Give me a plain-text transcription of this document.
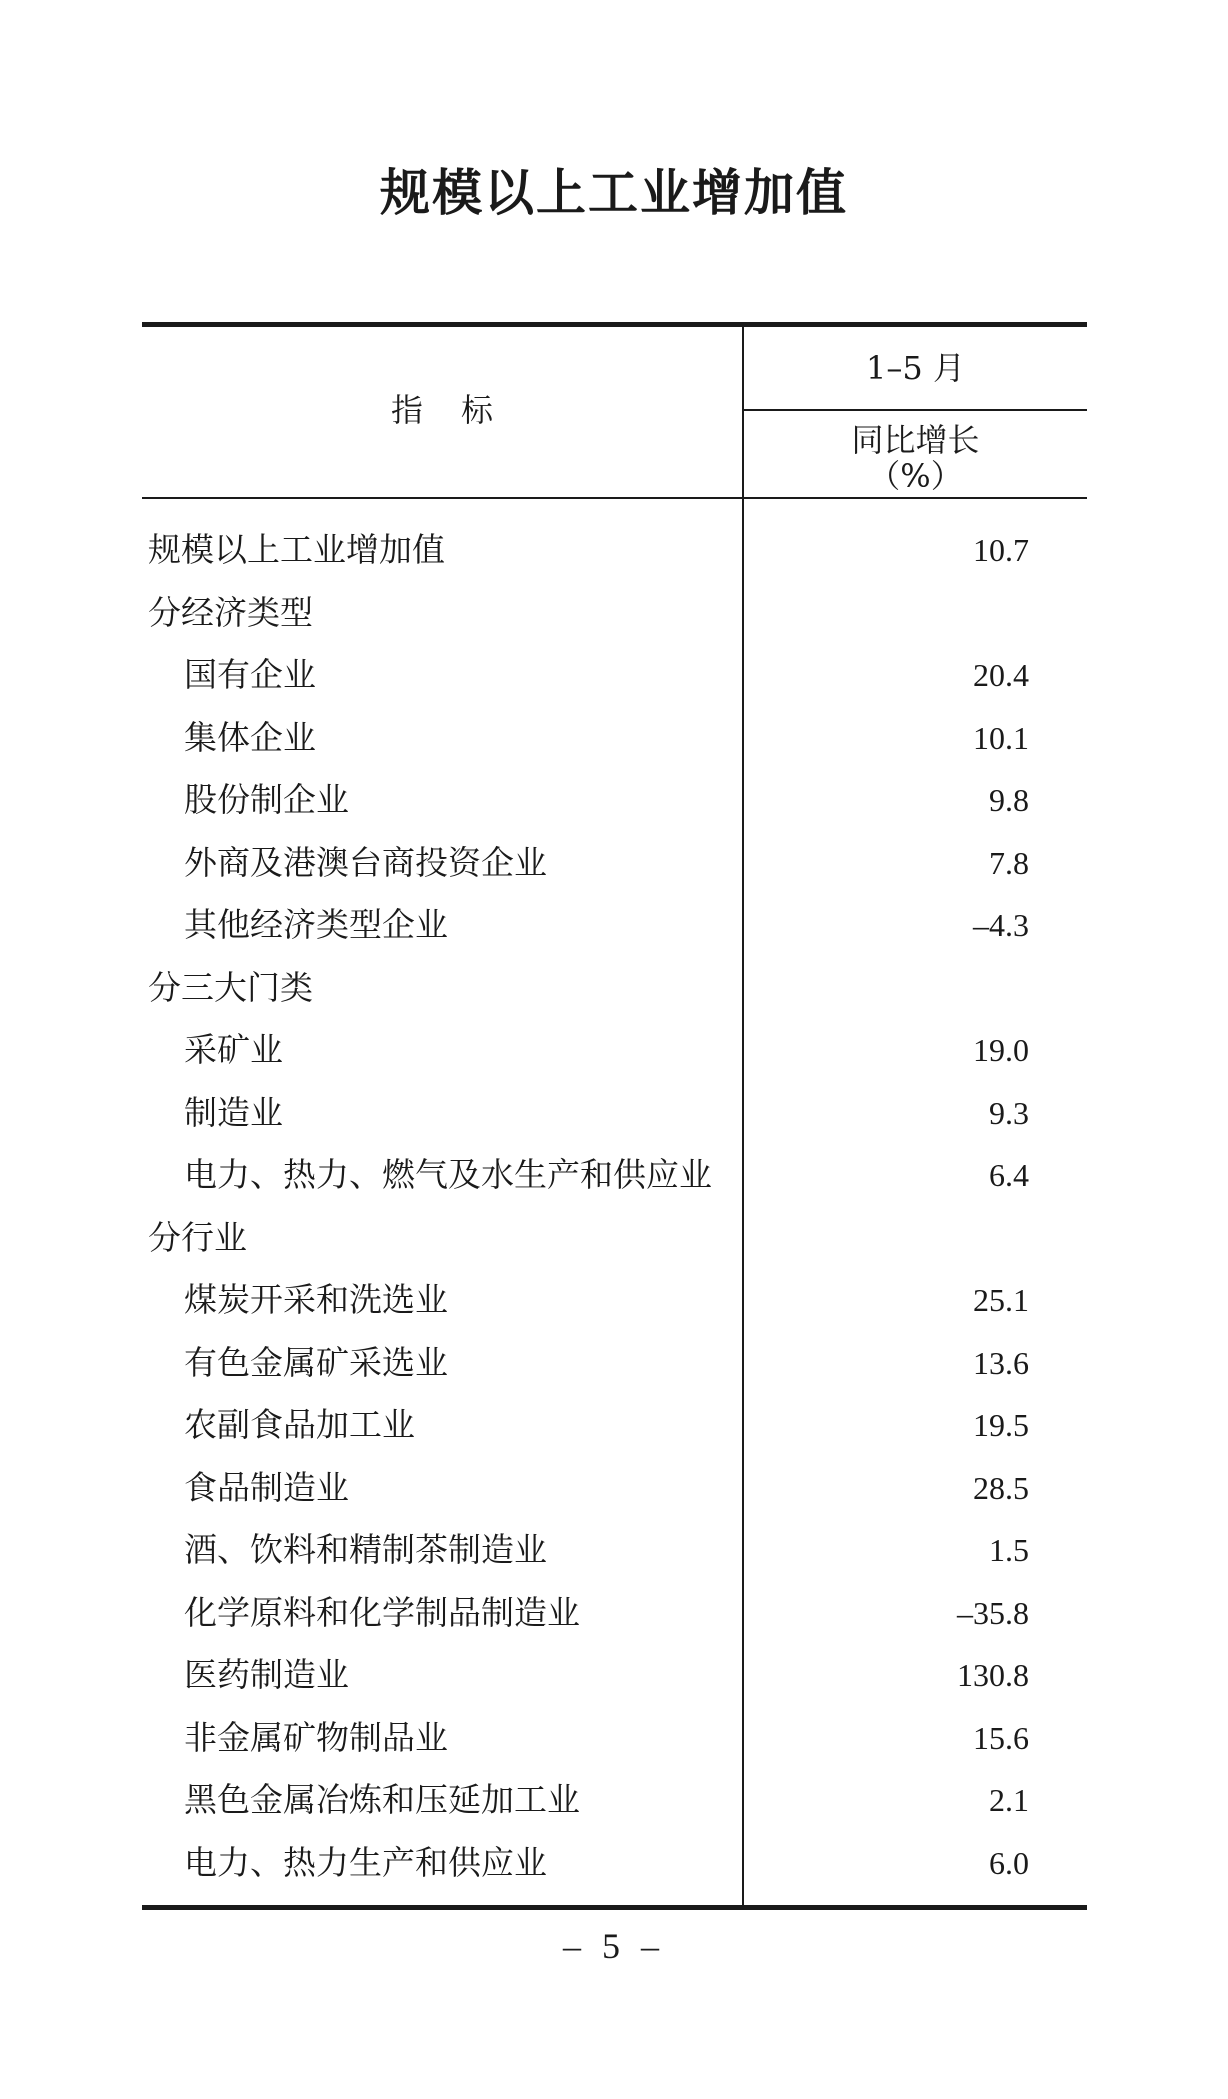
规模以上工业增加值
指标
1–5 月
同比增长
（%）
规模以上工业增加值	10.7
分经济类型
国有企业	20.4
集体企业	10.1
股份制企业	9.8
外商及港澳台商投资企业	7.8
其他经济类型企业	–4.3
分三大门类
采矿业	19.0
制造业	9.3
电力、热力、燃气及水生产和供应业	6.4
分行业
煤炭开采和洗选业	25.1
有色金属矿采选业	13.6
农副食品加工业	19.5
食品制造业	28.5
酒、饮料和精制茶制造业	1.5
化学原料和化学制品制造业	–35.8
医药制造业	130.8
非金属矿物制品业	15.6
黑色金属冶炼和压延加工业	2.1
电力、热力生产和供应业	6.0
– 5 –
